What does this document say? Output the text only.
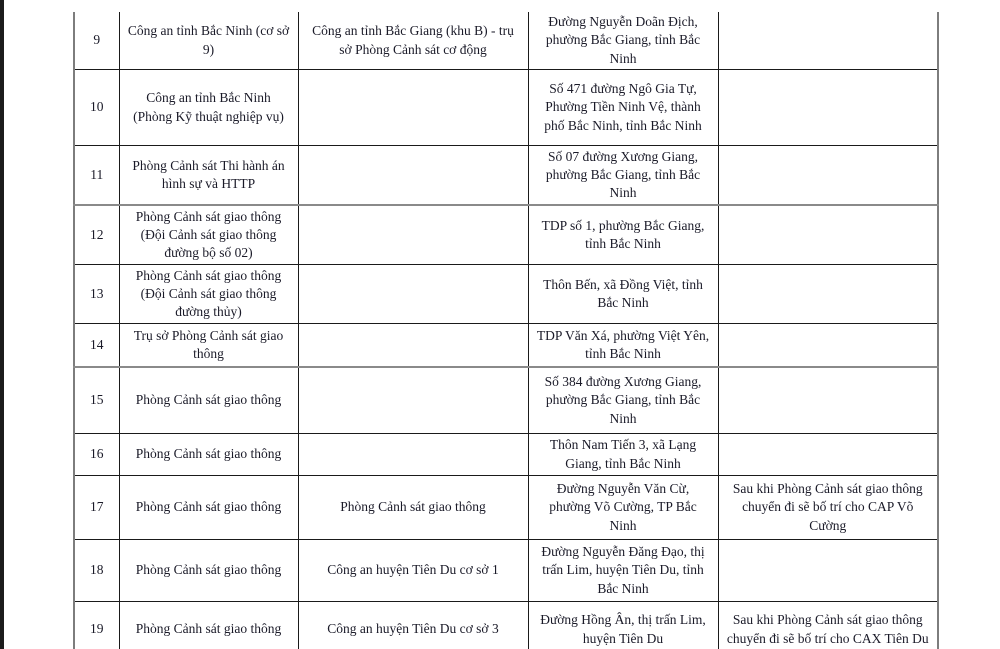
9	Công an tỉnh Bắc Ninh (cơ sở 9)	Công an tỉnh Bắc Giang (khu B) - trụ sở Phòng Cảnh sát cơ động	Đường Nguyễn Doãn Địch, phường Bắc Giang, tỉnh Bắc Ninh	
10	Công an tỉnh Bắc Ninh (Phòng Kỹ thuật nghiệp vụ)		Số 471 đường Ngô Gia Tự, Phường Tiền Ninh Vệ, thành phố Bắc Ninh, tỉnh Bắc Ninh	
11	Phòng Cảnh sát Thi hành án hình sự và HTTP		Số 07 đường Xương Giang, phường Bắc Giang, tỉnh Bắc Ninh	
12	Phòng Cảnh sát giao thông (Đội Cảnh sát giao thông đường bộ số 02)		TDP số 1, phường Bắc Giang, tỉnh Bắc Ninh	
13	Phòng Cảnh sát giao thông (Đội Cảnh sát giao thông đường thủy)		Thôn Bến, xã Đồng Việt, tỉnh Bắc Ninh	
14	Trụ sở Phòng Cảnh sát giao thông		TDP Văn Xá, phường Việt Yên, tỉnh Bắc Ninh	
15	Phòng Cảnh sát giao thông		Số 384 đường Xương Giang, phường Bắc Giang, tỉnh Bắc Ninh	
16	Phòng Cảnh sát giao thông		Thôn Nam Tiến 3, xã Lạng Giang, tỉnh Bắc Ninh	
17	Phòng Cảnh sát giao thông	Phòng Cảnh sát giao thông	Đường Nguyễn Văn Cừ, phường Võ Cường, TP Bắc Ninh	Sau khi Phòng Cảnh sát giao thông chuyển đi sẽ bố trí cho CAP Võ Cường
18	Phòng Cảnh sát giao thông	Công an huyện Tiên Du cơ sở 1	Đường Nguyễn Đăng Đạo, thị trấn Lim, huyện Tiên Du, tỉnh Bắc Ninh	
19	Phòng Cảnh sát giao thông	Công an huyện Tiên Du cơ sở 3	Đường Hồng Ân, thị trấn Lim, huyện Tiên Du	Sau khi Phòng Cảnh sát giao thông chuyển đi sẽ bố trí cho CAX Tiên Du
